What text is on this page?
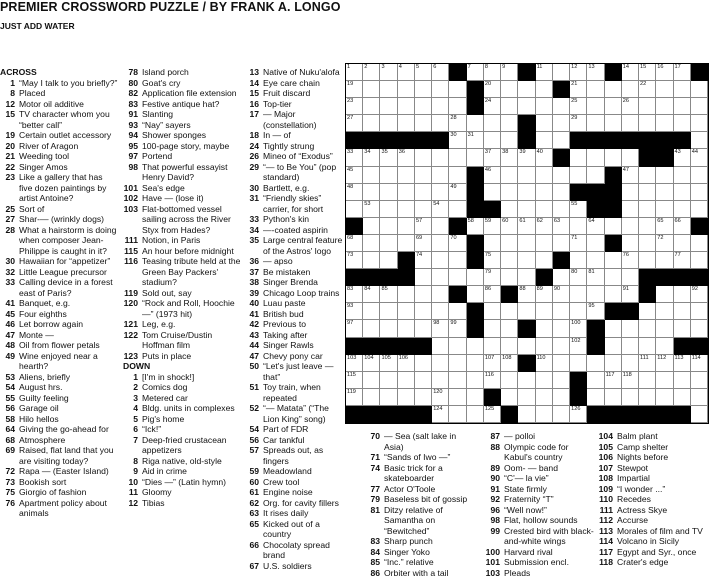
PREMIER CROSSWORD PUZZLE / BY FRANK A. LONGO
JUST ADD WATER
ACROSS
1 “May I talk to you briefly?”
8 Placed
12 Motor oil additive
15 TV character whom you “better call”
19 Certain outlet accessory
20 River of Aragon
21 Weeding tool
22 Singer Amos
23 Like a gallery that has five dozen paintings by artist Antoine?
25 Sort of
27 Shar-— (wrinkly dogs)
28 What a hairstorm is doing when composer Jean-Philippe is caught in it?
30 Hawaiian for “appetizer”
32 Little League precursor
33 Calling device in a forest east of Paris?
41 Banquet, e.g.
45 Four eighths
46 Let borrow again
47 Monte —
48 Oil from flower petals
49 Wine enjoyed near a hearth?
53 Aliens, briefly
54 August hrs.
55 Guilty feeling
56 Garage oil
58 Hilo hellos
64 Giving the go-ahead for
68 Atmosphere
69 Raised, flat land that you are visiting today?
72 Rapa — (Easter Island)
73 Bookish sort
75 Giorgio of fashion
76 Apartment policy about animals
78 Island porch
80 Goat's cry
82 Application file extension
83 Festive antique hat?
91 Slanting
93 “Nay” sayers
94 Shower sponges
95 100-page story, maybe
97 Portend
98 That powerful essayist Henry David?
101 Sea's edge
102 Have — (lose it)
103 Flat-bottomed vessel sailing across the River Styx from Hades?
111 Notion, in Paris
115 An hour before midnight
116 Teasing tribute held at the Green Bay Packers' stadium?
119 Sold out, say
120 “Rock and Roll, Hoochie —” (1973 hit)
121 Leg, e.g.
122 Tom Cruise/Dustin Hoffman film
123 Puts in place
DOWN
1 [I'm in shock!]
2 Comics dog
3 Metered car
4 Bldg. units in complexes
5 Pig's home
6 “Ick!”
7 Deep-fried crustacean appetizers
8 Riga native, old-style
9 Aid in crime
10 “Dies —” (Latin hymn)
11 Gloomy
12 Tibias
13 Native of Nuku'alofa
14 Eye care chain
15 Fruit discard
16 Top-tier
17 — Major (constellation)
18 In — of
24 Tightly strung
26 Mineo of “Exodus”
29 “— to Be You” (pop standard)
30 Bartlett, e.g.
31 “Friendly skies” carrier, for short
33 Python's kin
34 —-coated aspirin
35 Large central feature of the Astros' logo
36 — apso
37 Be mistaken
38 Singer Brenda
39 Chicago Loop trains
40 Luau paste
41 British bud
42 Previous to
43 Taking after
44 Singer Rawls
47 Chevy pony car
50 “Let's just leave — that”
51 Toy train, when repeated
52 “— Matata” (“The Lion King” song)
54 Part of FDR
56 Car tankful
57 Spreads out, as fingers
59 Meadowland
60 Crew tool
61 Engine noise
62 Org. for cavity fillers
63 It rises daily
65 Kicked out of a country
66 Chocolaty spread brand
67 U.S. soldiers
1	2	3	4	5	6	7	8	9	11	12 13	14 15 16 17
19	20	21	22
23	24	25	26
27	28	29
30 31
33 34 35 36	37 38 39 40	43 44
45	46	47
48	49
53	54	55
57	58 59 60 61 62 63	64	65 66
68	69	70	71	72
73	74	75	76	77
79	80 81
83 84 85	86	88 89 90	91	92
93	95
97	98 99	100
102
103 104 105 106	107 108	110	111 112 113 114
115	116	117 118
119	120
124	125	126
70 — Sea (salt lake in Asia)
71 “Sands of Iwo —”
74 Basic trick for a skateboarder
77 Actor O'Toole
79 Baseless bit of gossip
81 Ditzy relative of Samantha on “Bewitched”
83 Sharp punch
84 Singer Yoko
85 “Inc.” relative
86 Orbiter with a tail
87 — polloi
88 Olympic code for Kabul's country
89 Oom- — band
90 “C'— la vie”
91 State firmly
92 Fraternity “T”
96 “Well now!”
98 Flat, hollow sounds
99 Crested bird with black-and-white wings
100 Harvard rival
101 Submission encl.
103 Pleads
104 Balm plant
105 Camp shelter
106 Nights before
107 Stewpot
108 Impartial
109 “I wonder ...”
110 Recedes
111 Actress Skye
112 Accurse
113 Morales of film and TV
114 Volcano in Sicily
117 Egypt and Syr., once
118 Crater's edge
